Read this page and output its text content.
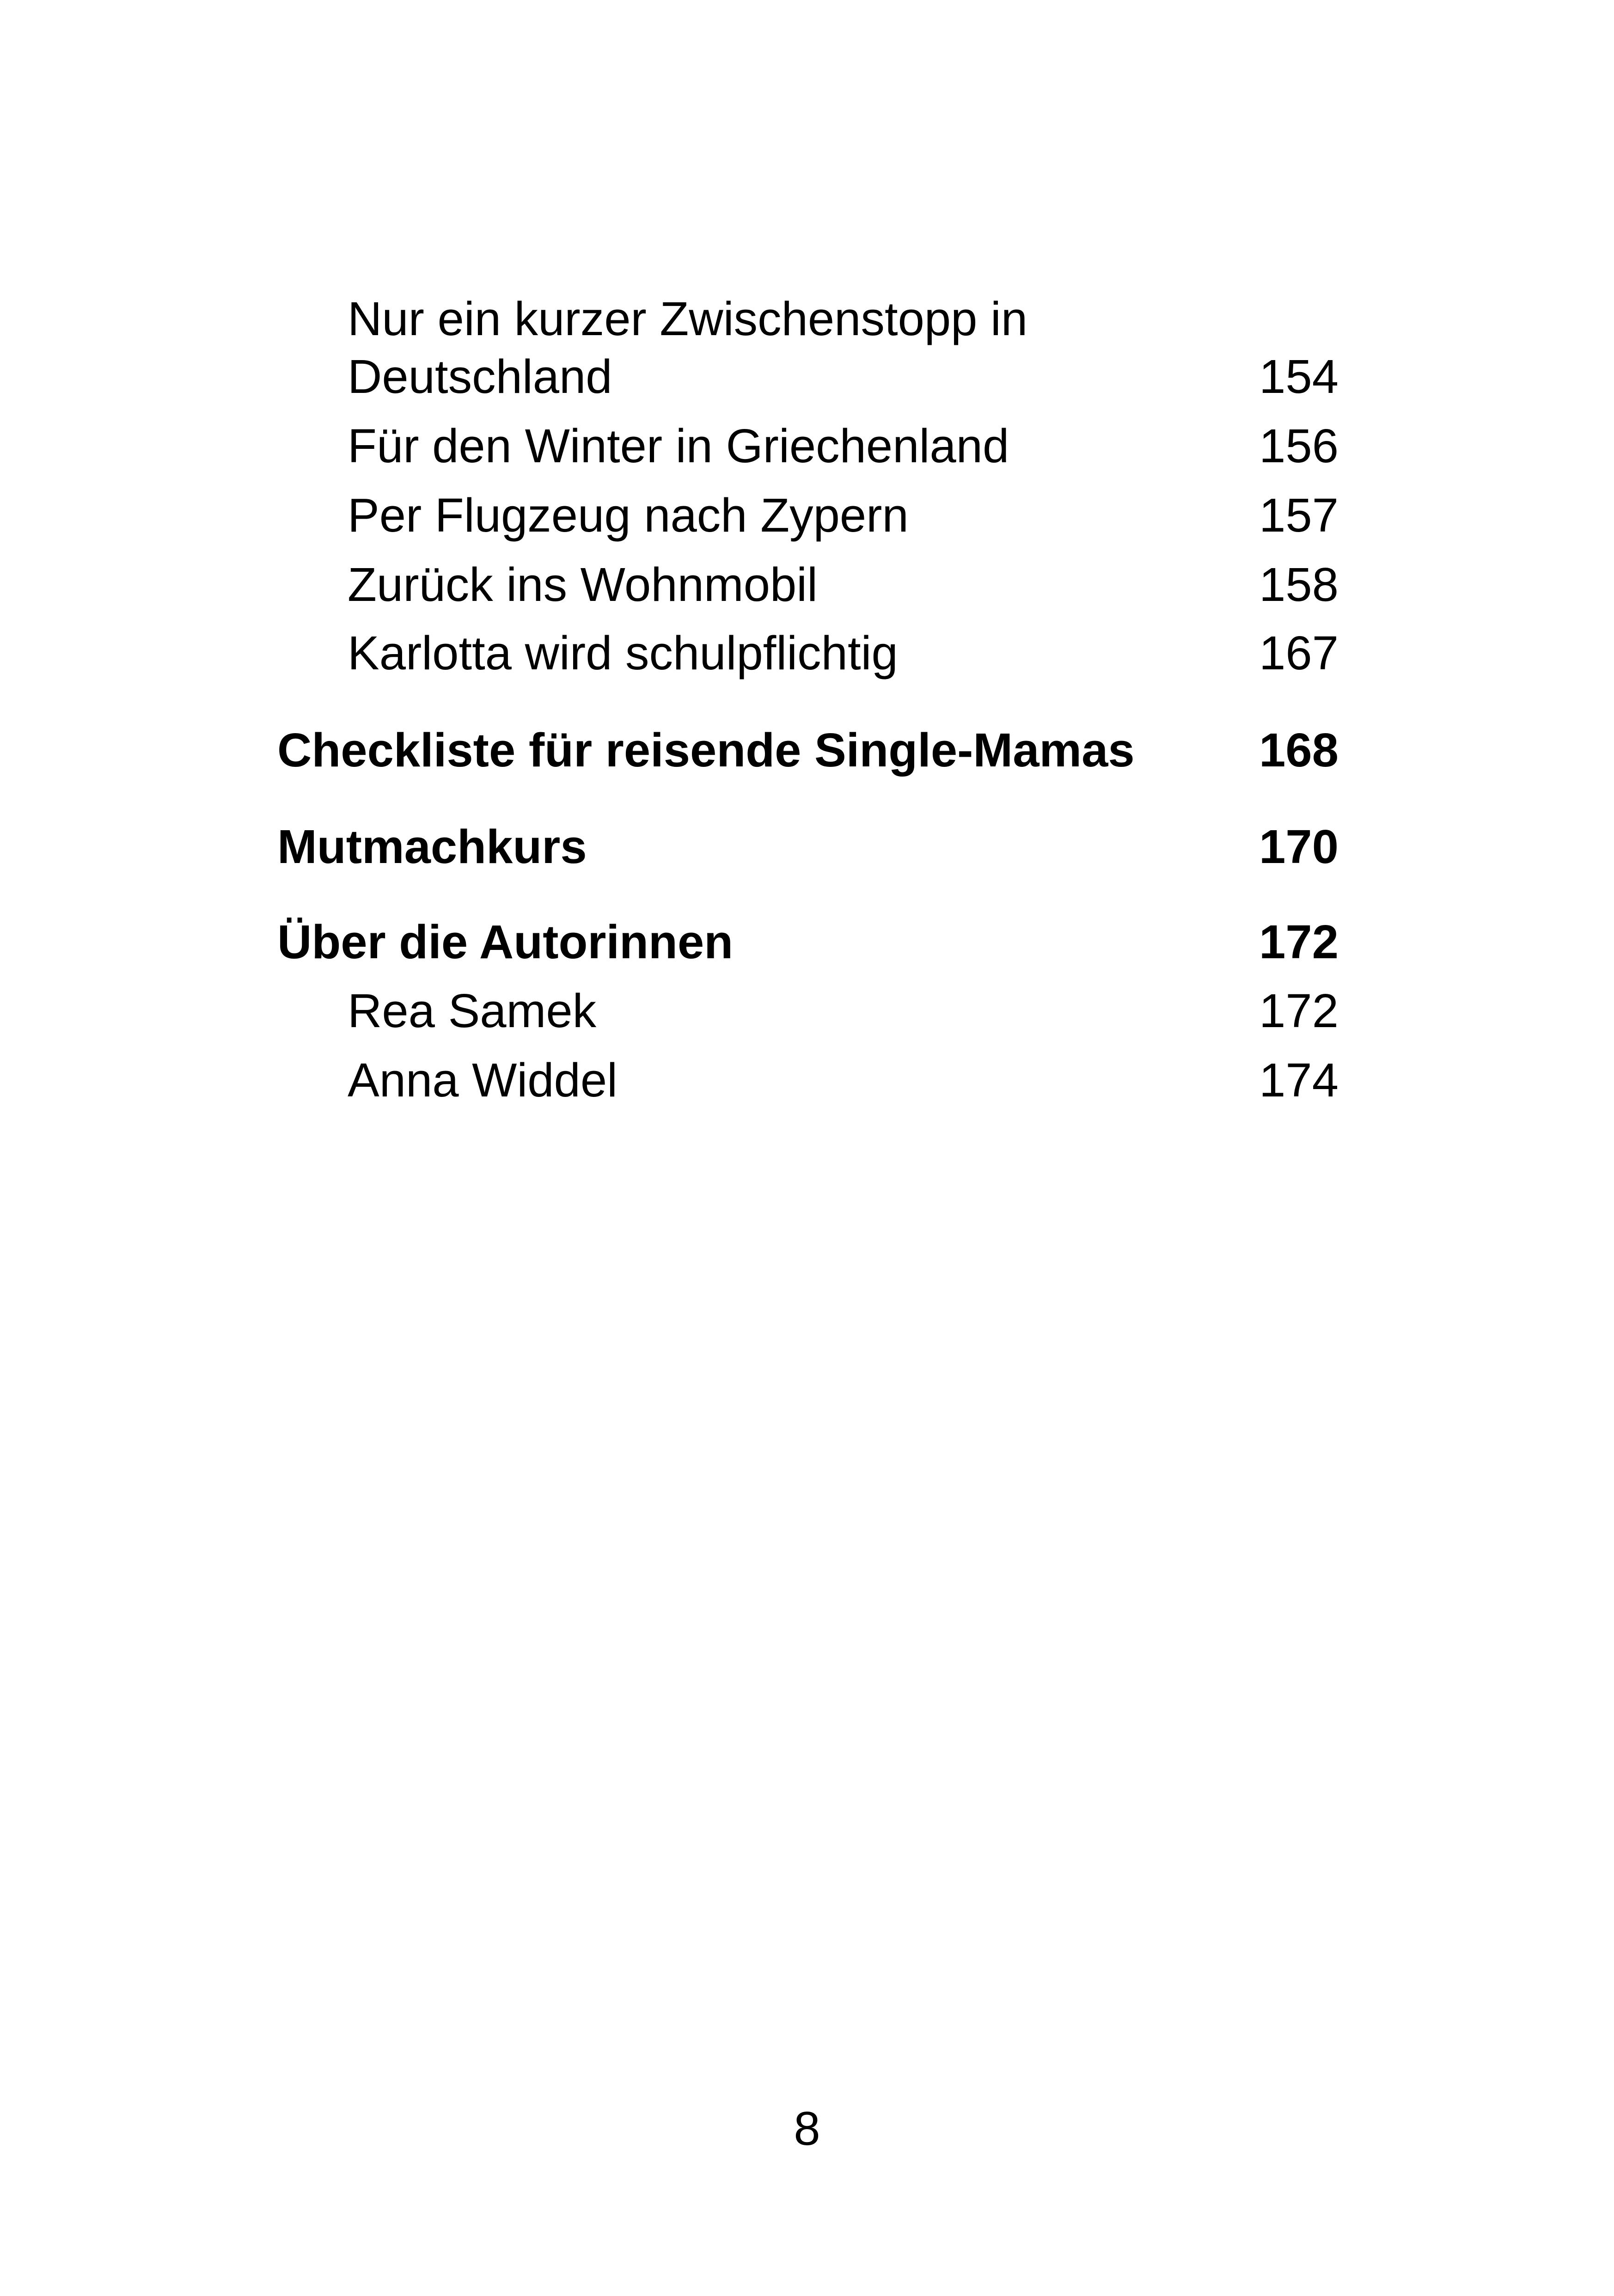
Nur ein kurzer Zwischenstopp in
Deutschland	154
Für den Winter in Griechenland	156
Per Flugzeug nach Zypern	157
Zurück ins Wohnmobil	158
Karlotta wird schulpflichtig	167
Checkliste für reisende Single-Mamas	168
Mutmachkurs	170
Über die Autorinnen	172
Rea Samek	172
Anna Widdel	174
8
